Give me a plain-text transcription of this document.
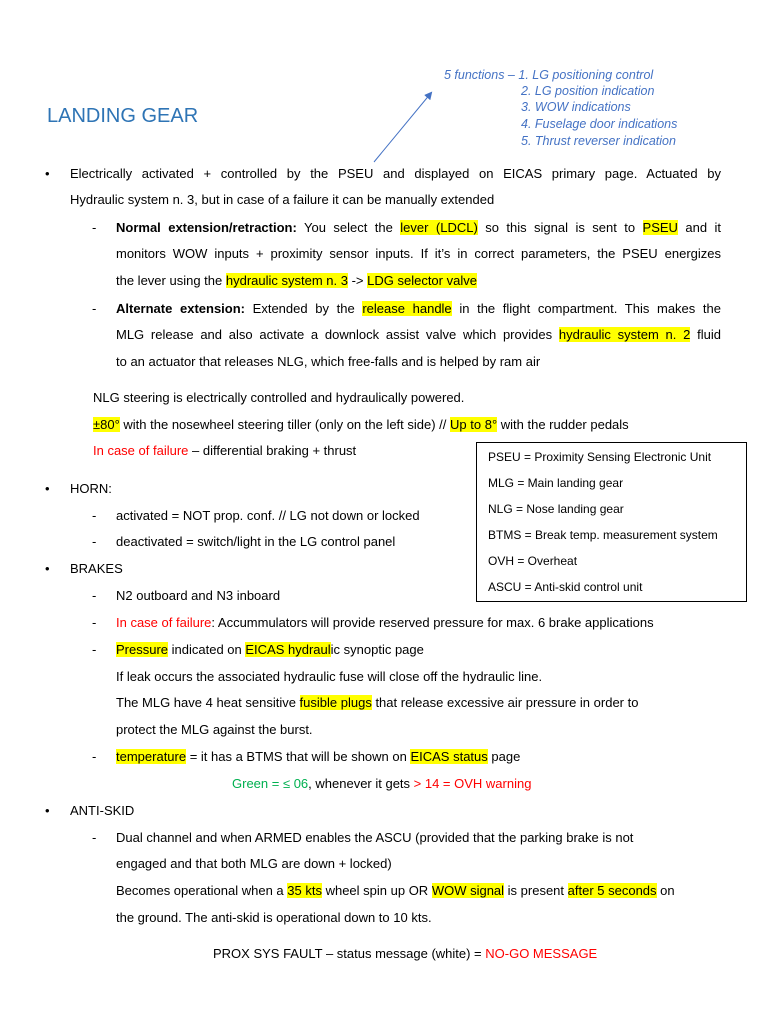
LANDING GEAR
5 functions – 1. LG positioning control
2. LG position indication
3. WOW indications
4. Fuselage door indications
5. Thrust reverser indication
• Electrically activated + controlled by the PSEU and displayed on EICAS primary page. Actuated by
Hydraulic system n. 3, but in case of a failure it can be manually extended
- Normal extension/retraction: You select the lever (LDCL) so this signal is sent to PSEU and it
monitors WOW inputs + proximity sensor inputs. If it’s in correct parameters, the PSEU energizes
the lever using the hydraulic system n. 3 -> LDG selector valve
- Alternate extension: Extended by the release handle in the flight compartment. This makes the
MLG release and also activate a downlock assist valve which provides hydraulic system n. 2 fluid
to an actuator that releases NLG, which free-falls and is helped by ram air
NLG steering is electrically controlled and hydraulically powered.
±80° with the nosewheel steering tiller (only on the left side) // Up to 8° with the rudder pedals
In case of failure – differential braking + thrust	PSEU = Proximity Sensing Electronic Unit
MLG = Main landing gear
NLG = Nose landing gear
BTMS = Break temp. measurement system
OVH = Overheat
ASCU = Anti-skid control unit
• HORN:
- activated = NOT prop. conf. // LG not down or locked
- deactivated = switch/light in the LG control panel
• BRAKES
- N2 outboard and N3 inboard
- In case of failure: Accummulators will provide reserved pressure for max. 6 brake applications
- Pressure indicated on EICAS hydraulic synoptic page
If leak occurs the associated hydraulic fuse will close off the hydraulic line.
The MLG have 4 heat sensitive fusible plugs that release excessive air pressure in order to
protect the MLG against the burst.
- temperature = it has a BTMS that will be shown on EICAS status page
Green = ≤ 06, whenever it gets > 14 = OVH warning
• ANTI-SKID
- Dual channel and when ARMED enables the ASCU (provided that the parking brake is not
engaged and that both MLG are down + locked)
Becomes operational when a 35 kts wheel spin up OR WOW signal is present after 5 seconds on
the ground. The anti-skid is operational down to 10 kts.
PROX SYS FAULT – status message (white) = NO-GO MESSAGE
